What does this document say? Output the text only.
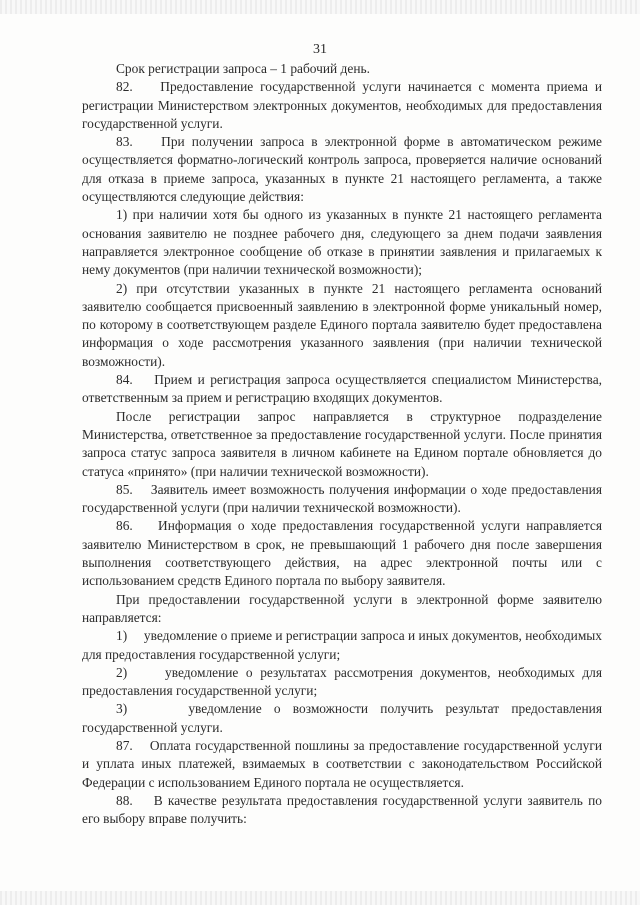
31

Срок регистрации запроса – 1 рабочий день.

82.    Предоставление государственной услуги начинается с момента приема и регистрации Министерством электронных документов, необходимых для предоставления государственной услуги.

83.    При получении запроса в электронной форме в автоматическом режиме осуществляется форматно-логический контроль запроса, проверяется наличие оснований для отказа в приеме запроса, указанных в пункте 21 настоящего регламента, а также осуществляются следующие действия:

1) при наличии хотя бы одного из указанных в пункте 21 настоящего регламента основания заявителю не позднее рабочего дня, следующего за днем подачи заявления направляется электронное сообщение об отказе в принятии заявления и прилагаемых к нему документов (при наличии технической возможности);

2) при отсутствии указанных в пункте 21 настоящего регламента оснований заявителю сообщается присвоенный заявлению в электронной форме уникальный номер, по которому в соответствующем разделе Единого портала заявителю будет предоставлена информация о ходе рассмотрения указанного заявления (при наличии технической возможности).

84.    Прием и регистрация запроса осуществляется специалистом Министерства, ответственным за прием и регистрацию входящих документов.

После регистрации запрос направляется в структурное подразделение Министерства, ответственное за предоставление государственной услуги. После принятия запроса статус запроса заявителя в личном кабинете на Едином портале обновляется до статуса «принято» (при наличии технической возможности).

85.    Заявитель имеет возможность получения информации о ходе предоставления государственной услуги (при наличии технической возможности).

86.    Информация о ходе предоставления государственной услуги направляется заявителю Министерством в срок, не превышающий 1 рабочего дня после завершения выполнения соответствующего действия, на адрес электронной почты или с использованием средств Единого портала по выбору заявителя.

При предоставлении государственной услуги в электронной форме заявителю направляется:

1)     уведомление о приеме и регистрации запроса и иных документов, необходимых для предоставления государственной услуги;

2)     уведомление о результатах рассмотрения документов, необходимых для предоставления государственной услуги;

3)     уведомление о возможности получить результат предоставления государственной услуги.

87.    Оплата государственной пошлины за предоставление государственной услуги и уплата иных платежей, взимаемых в соответствии с законодательством Российской Федерации с использованием Единого портала не осуществляется.

88.    В качестве результата предоставления государственной услуги заявитель по его выбору вправе получить:
